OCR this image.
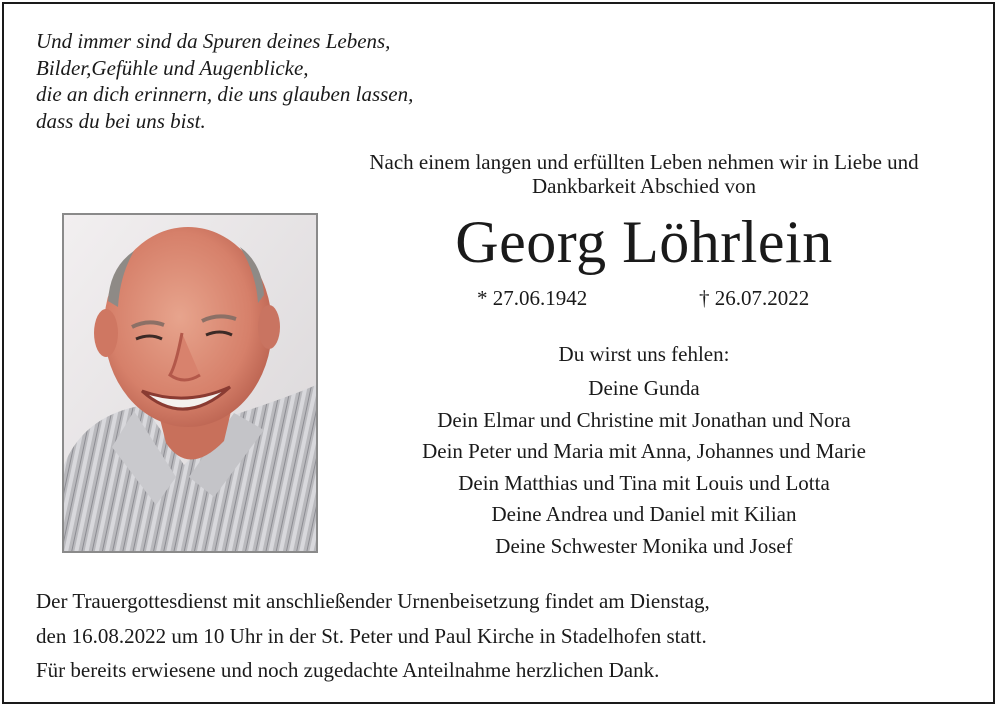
Und immer sind da Spuren deines Lebens,
Bilder,Gefühle und Augenblicke,
die an dich erinnern, die uns glauben lassen,
dass du bei uns bist.
Nach einem langen und erfüllten Leben nehmen wir in Liebe und
Dankbarkeit Abschied von
Georg Löhrlein
* 27.06.1942	† 26.07.2022
Du wirst uns fehlen:
Deine Gunda
Dein Elmar und Christine mit Jonathan und Nora
Dein Peter und Maria mit Anna, Johannes und Marie
Dein Matthias und Tina mit Louis und Lotta
Deine Andrea und Daniel mit Kilian
Deine Schwester Monika und Josef
Der Trauergottesdienst mit anschließender Urnenbeisetzung findet am Dienstag,
den 16.08.2022 um 10 Uhr in der St. Peter und Paul Kirche in Stadelhofen statt.
Für bereits erwiesene und noch zugedachte Anteilnahme herzlichen Dank.
